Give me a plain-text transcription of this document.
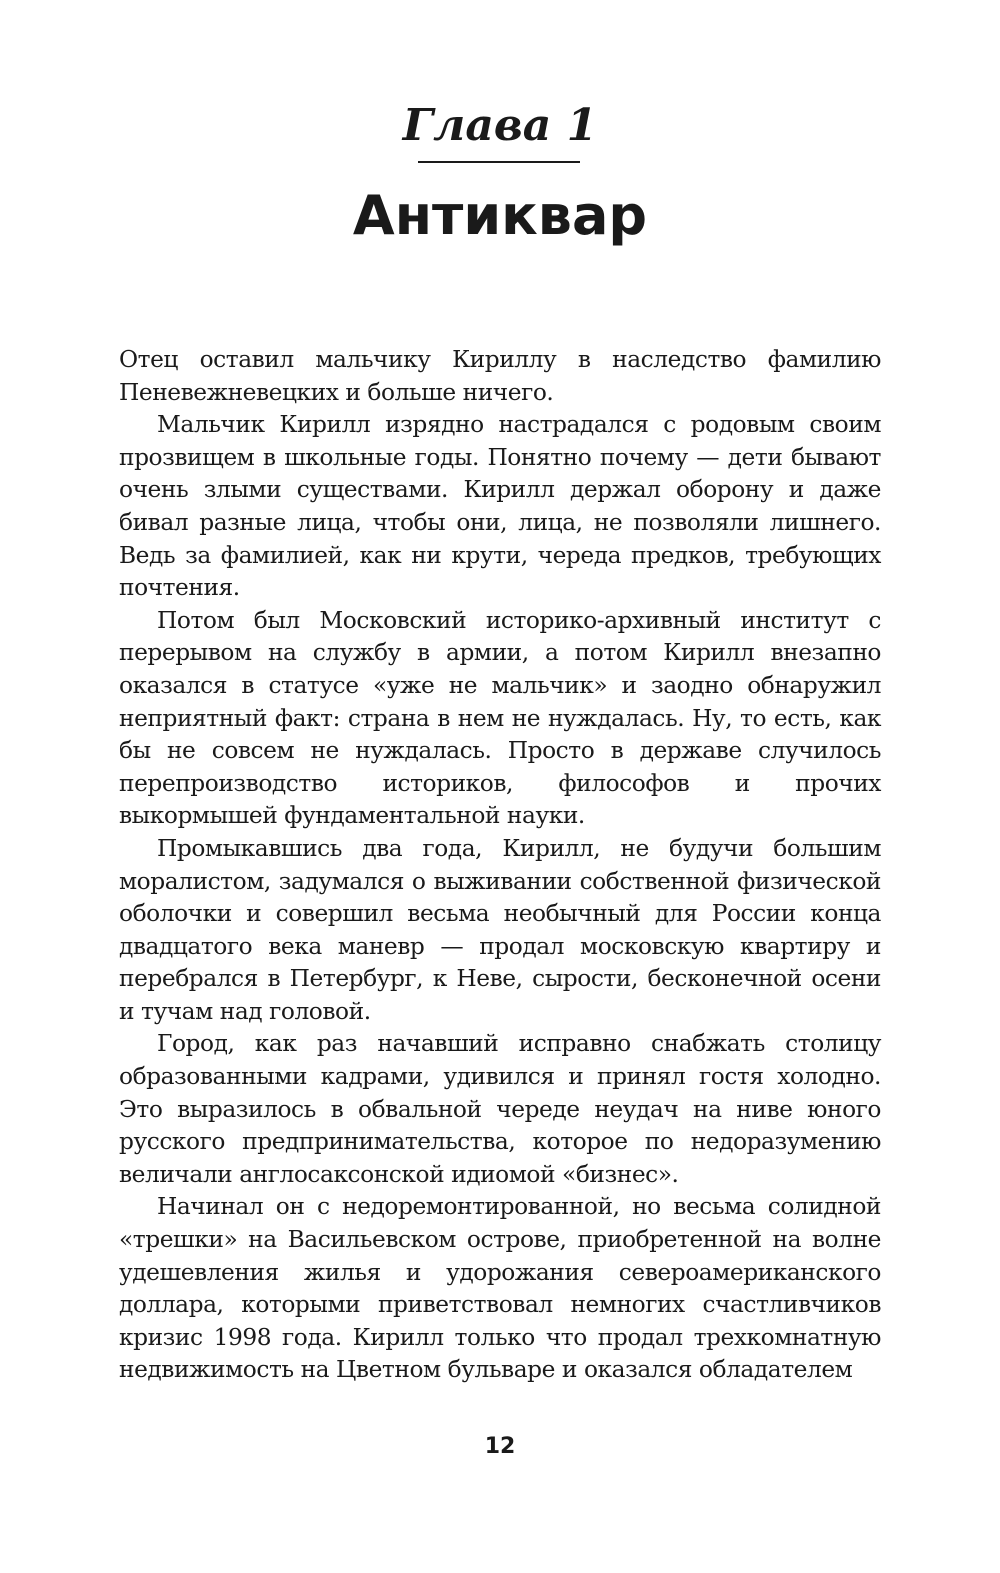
Глава 1
Антиквар

Отец оставил мальчику Кириллу в наследство фамилию Пеневежневецких и больше ничего.

Мальчик Кирилл изрядно настрадался с родовым своим прозвищем в школьные годы. Понятно почему — дети бывают очень злыми существами. Кирилл держал оборону и даже бивал разные лица, чтобы они, лица, не позволяли лишнего. Ведь за фамилией, как ни крути, череда предков, требующих почтения.

Потом был Московский историко-архивный институт с перерывом на службу в армии, а потом Кирилл внезапно оказался в статусе «уже не мальчик» и заодно обнаружил неприятный факт: страна в нем не нуждалась. Ну, то есть, как бы не совсем не нуждалась. Просто в державе случилось перепроизводство историков, философов и прочих выкормышей фундаментальной науки.

Промыкавшись два года, Кирилл, не будучи большим моралистом, задумался о выживании собственной физической оболочки и совершил весьма необычный для России конца двадцатого века маневр — продал московскую квартиру и перебрался в Петербург, к Неве, сырости, бесконечной осени и тучам над головой.

Город, как раз начавший исправно снабжать столицу образованными кадрами, удивился и принял гостя холодно. Это выразилось в обвальной череде неудач на ниве юного русского предпринимательства, которое по недоразумению величали англосаксонской идиомой «бизнес».

Начинал он с недоремонтированной, но весьма солидной «трешки» на Васильевском острове, приобретенной на волне удешевления жилья и удорожания североамериканского доллара, которыми приветствовал немногих счастливчиков кризис 1998 года. Кирилл только что продал трехкомнатную недвижимость на Цветном бульваре и оказался обладателем

12
